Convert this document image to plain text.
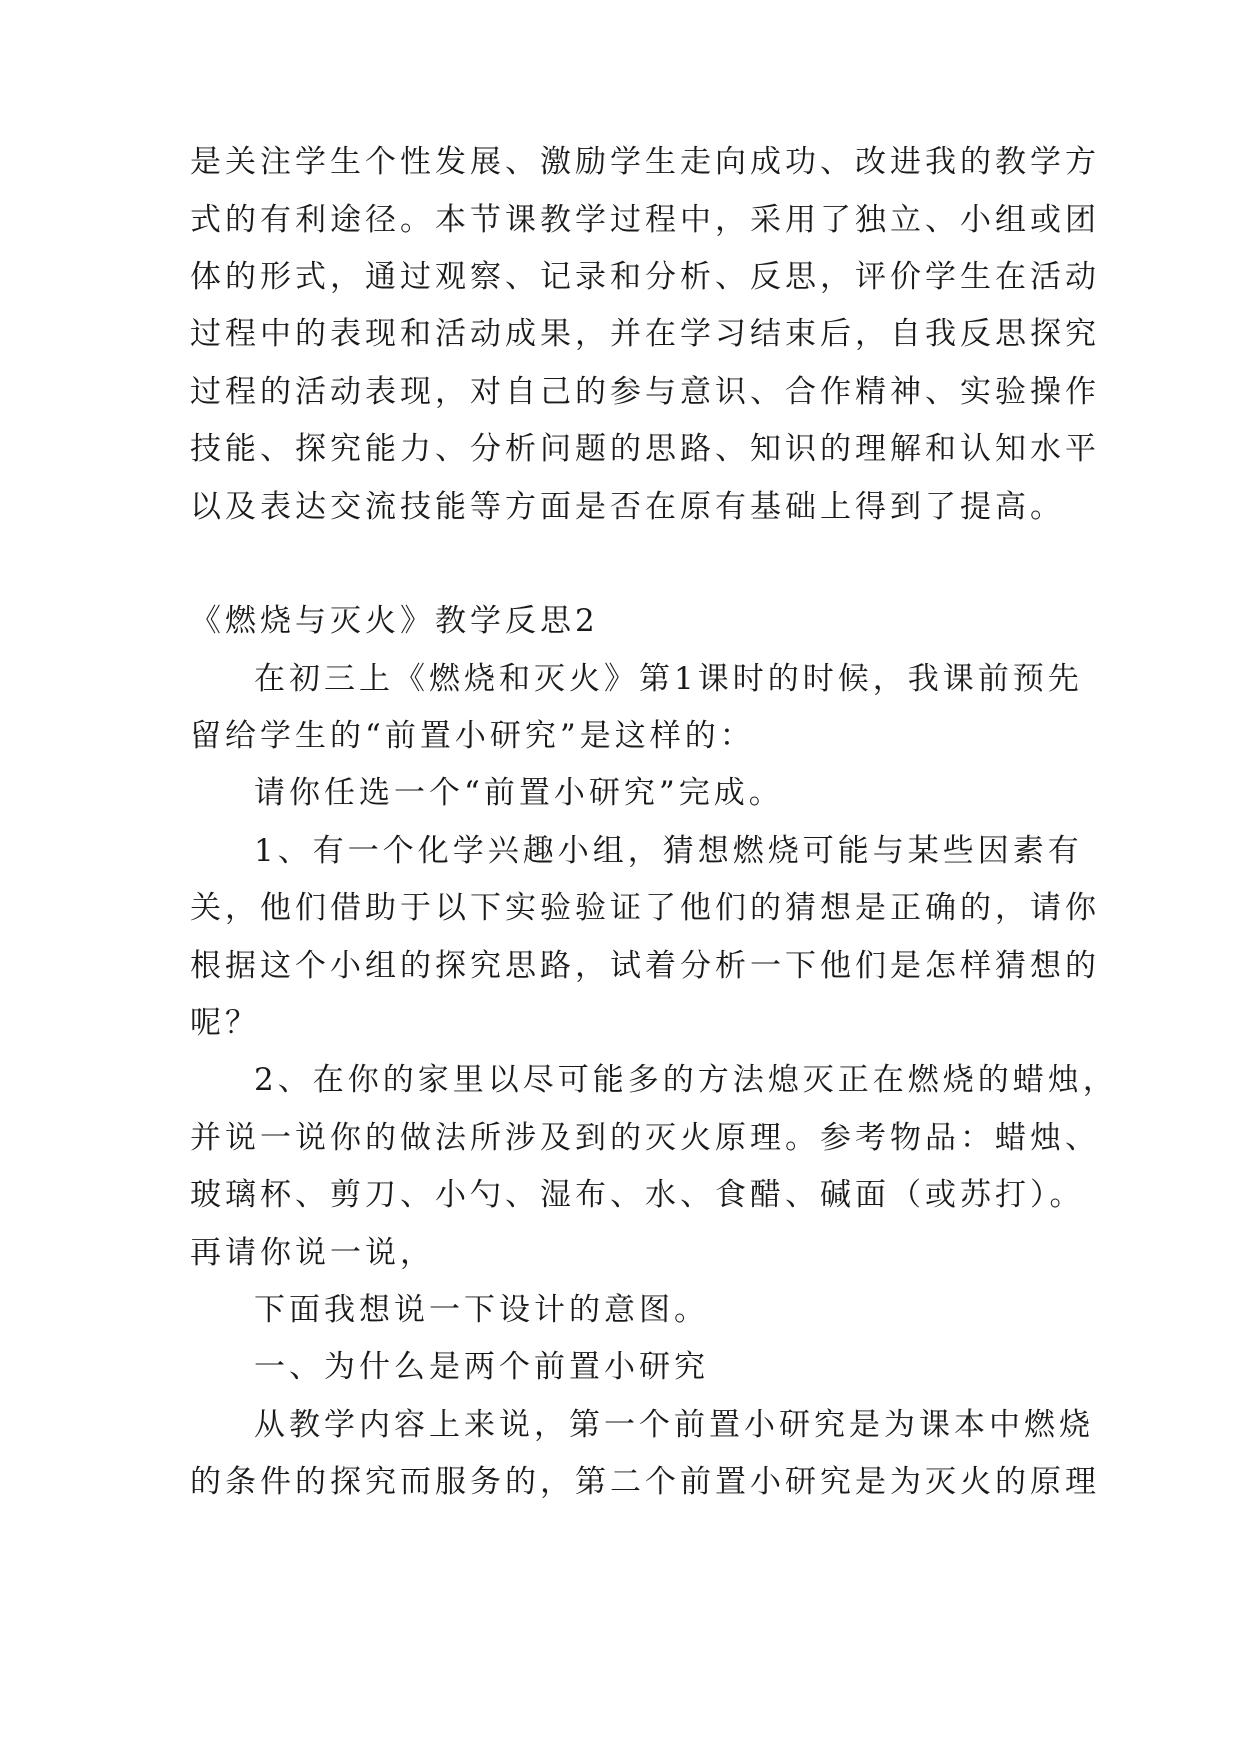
是关注学生个性发展、激励学生走向成功、改进我的教学方
式的有利途径。本节课教学过程中，采用了独立、小组或团
体的形式，通过观察、记录和分析、反思，评价学生在活动
过程中的表现和活动成果，并在学习结束后，自我反思探究
过程的活动表现，对自己的参与意识、合作精神、实验操作
技能、探究能力、分析问题的思路、知识的理解和认知水平
以及表达交流技能等方面是否在原有基础上得到了提高。
《燃烧与灭火》教学反思2
在初三上《燃烧和灭火》第1课时的时候，我课前预先
留给学生的“前置小研究”是这样的：
请你任选一个“前置小研究”完成。
1、有一个化学兴趣小组，猜想燃烧可能与某些因素有
关，他们借助于以下实验验证了他们的猜想是正确的，请你
根据这个小组的探究思路，试着分析一下他们是怎样猜想的
呢？
2、在你的家里以尽可能多的方法熄灭正在燃烧的蜡烛，
并说一说你的做法所涉及到的灭火原理。参考物品：蜡烛、
玻璃杯、剪刀、小勺、湿布、水、食醋、碱面（或苏打）。
再请你说一说，
下面我想说一下设计的意图。
一、为什么是两个前置小研究
从教学内容上来说，第一个前置小研究是为课本中燃烧
的条件的探究而服务的，第二个前置小研究是为灭火的原理
